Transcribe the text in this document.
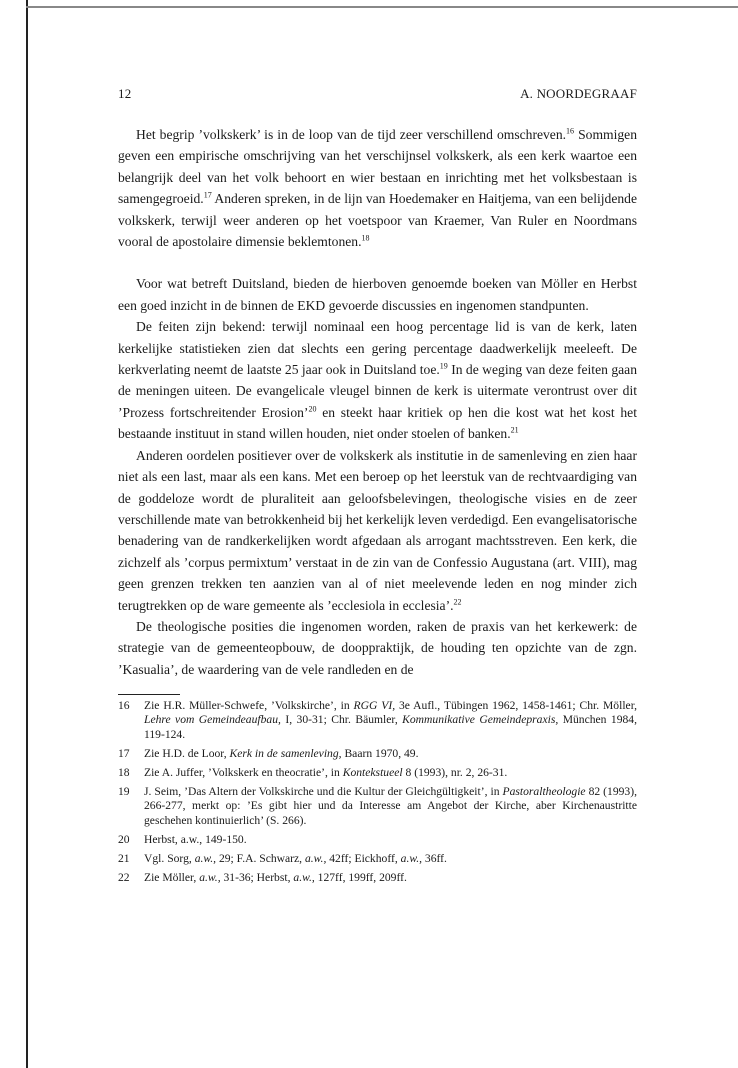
12	A. NOORDEGRAAF

Het begrip ’volkskerk’ is in de loop van de tijd zeer verschillend omschreven.$^{16}$ Sommigen geven een empirische omschrijving van het verschijnsel volkskerk, als een kerk waartoe een belangrijk deel van het volk behoort en wier bestaan en inrichting met het volksbestaan is samengegroeid.$^{17}$ Anderen spreken, in de lijn van Hoedemaker en Haitjema, van een belijdende volkskerk, terwijl weer anderen op het voetspoor van Kraemer, Van Ruler en Noordmans vooral de apostolaire dimensie beklemtonen.$^{18}$

Voor wat betreft Duitsland, bieden de hierboven genoemde boeken van Möller en Herbst een goed inzicht in de binnen de EKD gevoerde discussies en ingenomen standpunten.

De feiten zijn bekend: terwijl nominaal een hoog percentage lid is van de kerk, laten kerkelijke statistieken zien dat slechts een gering percentage daadwerkelijk meeleeft. De kerkverlating neemt de laatste 25 jaar ook in Duitsland toe.$^{19}$ In de weging van deze feiten gaan de meningen uiteen. De evangelicale vleugel binnen de kerk is uitermate verontrust over dit ’Prozess fortschreitender Erosion’$^{20}$ en steekt haar kritiek op hen die kost wat het kost het bestaande instituut in stand willen houden, niet onder stoelen of banken.$^{21}$

Anderen oordelen positiever over de volkskerk als institutie in de samenleving en zien haar niet als een last, maar als een kans. Met een beroep op het leerstuk van de rechtvaardiging van de goddeloze wordt de pluraliteit aan geloofsbelevingen, theologische visies en de zeer verschillende mate van betrokkenheid bij het kerkelijk leven verdedigd. Een evangelisatorische benadering van de randkerkelijken wordt afgedaan als arrogant machtsstreven. Een kerk, die zichzelf als ’corpus permixtum’ verstaat in de zin van de Confessio Augustana (art. VIII), mag geen grenzen trekken ten aanzien van al of niet meelevende leden en nog minder zich terugtrekken op de ware gemeente als ’ecclesiola in ecclesia’.$^{22}$

De theologische posities die ingenomen worden, raken de praxis van het kerkewerk: de strategie van de gemeenteopbouw, de dooppraktijk, de houding ten opzichte van de zgn. ’Kasualia’, de waardering van de vele randleden en de

16	Zie H.R. Müller-Schwefe, ’Volkskirche’, in RGG VI, 3e Aufl., Tübingen 1962, 1458-1461; Chr. Möller, Lehre vom Gemeindeaufbau, I, 30-31; Chr. Bäumler, Kommunikative Gemeindepraxis, München 1984, 119-124.
17	Zie H.D. de Loor, Kerk in de samenleving, Baarn 1970, 49.
18	Zie A. Juffer, ’Volkskerk en theocratie’, in Kontekstueel 8 (1993), nr. 2, 26-31.
19	J. Seim, ’Das Altern der Volkskirche und die Kultur der Gleichgültigkeit’, in Pastoraltheologie 82 (1993), 266-277, merkt op: ’Es gibt hier und da Interesse am Angebot der Kirche, aber Kirchenaustritte geschehen kontinuierlich’ (S. 266).
20	Herbst, a.w., 149-150.
21	Vgl. Sorg, a.w., 29; F.A. Schwarz, a.w., 42ff; Eickhoff, a.w., 36ff.
22	Zie Möller, a.w., 31-36; Herbst, a.w., 127ff, 199ff, 209ff.
